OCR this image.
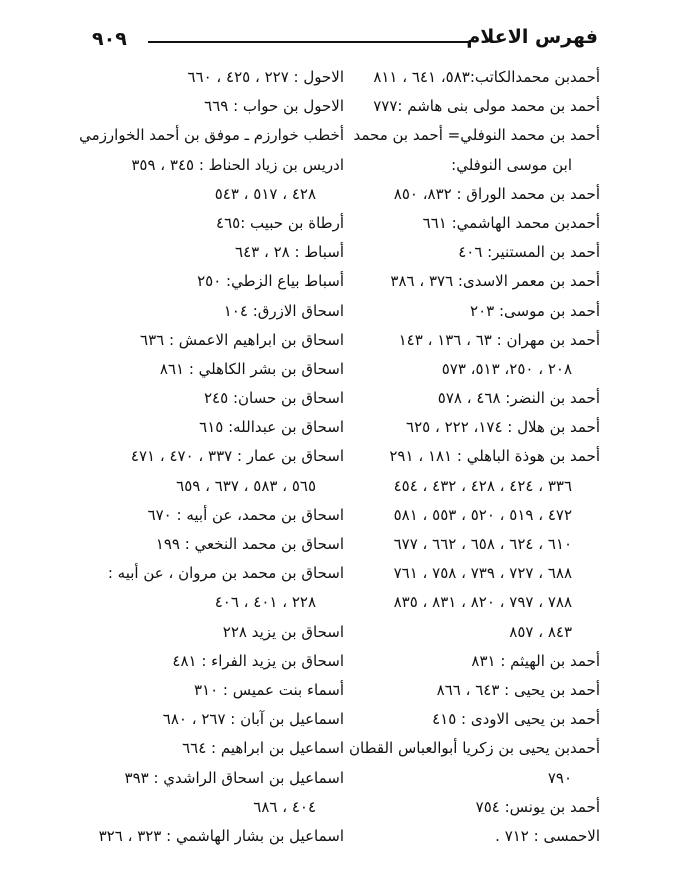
٩٠٩	فهرس الاعلام
أحمدبن محمدالكاتب:٥٨٣، ٦٤١ ، ٨١١
أحمد بن محمد مولى بنى هاشم :٧٧٧
أحمد بن محمد النوفلي= أحمد بن محمد
ابن موسى النوفلي:
أحمد بن محمد الوراق : ٨٣٢، ٨٥٠
أحمدبن محمد الهاشمي: ٦٦١
أحمد بن المستنير: ٤٠٦
أحمد بن معمر الاسدى: ٣٧٦ ، ٣٨٦
أحمد بن موسى: ٢٠٣
أحمد بن مهران : ٦٣ ، ١٣٦ ، ١٤٣
٢٠٨ ، ٢٥٠، ٥١٣، ٥٧٣
أحمد بن النضر: ٤٦٨ ، ٥٧٨
أحمد بن هلال : ١٧٤، ٢٢٢ ، ٦٢٥
أحمد بن هوذة الباهلي : ١٨١ ، ٢٩١
٣٣٦ ، ٤٢٤ ، ٤٢٨ ، ٤٣٢ ، ٤٥٤
٤٧٢ ، ٥١٩ ، ٥٢٠ ، ٥٥٣ ، ٥٨١
٦١٠ ، ٦٢٤ ، ٦٥٨ ، ٦٦٢ ، ٦٧٧
٦٨٨ ، ٧٢٧ ، ٧٣٩ ، ٧٥٨ ، ٧٦١
٧٨٨ ، ٧٩٧ ، ٨٢٠ ، ٨٣١ ، ٨٣٥
٨٤٣ ، ٨٥٧
أحمد بن الهيثم : ٨٣١
أحمد بن يحيى : ٦٤٣ ، ٨٦٦
أحمد بن يحيى الاودى : ٤١٥
أحمدبن يحيى بن زكريا أبوالعباس القطان
٧٩٠
أحمد بن يونس: ٧٥٤
الاحمسى : ٧١٢ .
الاحول : ٢٢٧ ، ٤٢٥ ، ٦٦٠
الاحول بن حواب : ٦٦٩
أخطب خوارزم ـ موفق بن أحمد الخوارزمي
ادريس بن زياد الحناط : ٣٤٥ ، ٣٥٩
٤٢٨ ، ٥١٧ ، ٥٤٣
أرطاة بن حبيب :٤٦٥
أسباط : ٢٨ ، ٦٤٣
أسباط بياع الزطي: ٢٥٠
اسحاق الازرق: ١٠٤
اسحاق بن ابراهيم الاعمش : ٦٣٦
اسحاق بن بشر الكاهلي : ٨٦١
اسحاق بن حسان: ٢٤٥
اسحاق بن عبدالله: ٦١٥
اسحاق بن عمار : ٣٣٧ ، ٤٧٠ ، ٤٧١
٥٦٥ ، ٥٨٣ ، ٦٣٧ ، ٦٥٩
اسحاق بن محمد، عن أبيه : ٦٧٠
اسحاق بن محمد النخعي : ١٩٩
اسحاق بن محمد بن مروان ، عن أبيه :
٢٢٨ ، ٤٠١ ، ٤٠٦
اسحاق بن يزيد ٢٢٨
اسحاق بن يزيد الفراء : ٤٨١
أسماء بنت عميس : ٣١٠
اسماعيل بن آبان : ٢٦٧ ، ٦٨٠
اسماعيل بن ابراهيم : ٦٦٤
اسماعيل بن اسحاق الراشدي : ٣٩٣
٤٠٤ ، ٦٨٦
اسماعيل بن بشار الهاشمي : ٣٢٣ ، ٣٢٦
